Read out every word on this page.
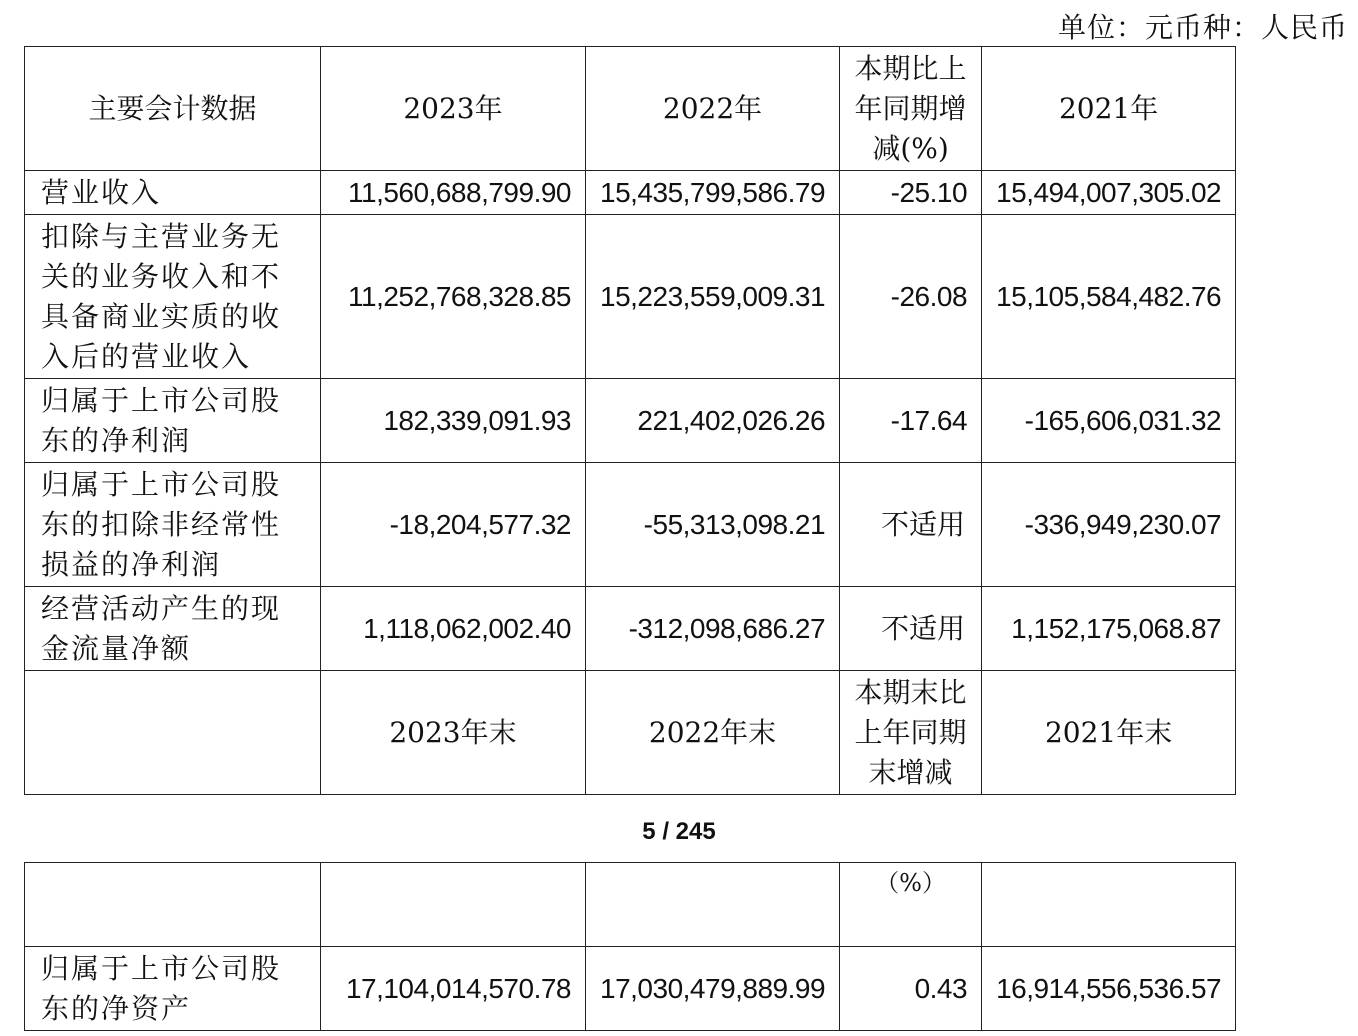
单位：元币种：人民币
主要会计数据	2023年	2022年	本期比上年同期增减(%)	2021年
营业收入	11,560,688,799.90	15,435,799,586.79	-25.10	15,494,007,305.02
扣除与主营业务无关的业务收入和不具备商业实质的收入后的营业收入	11,252,768,328.85	15,223,559,009.31	-26.08	15,105,584,482.76
归属于上市公司股东的净利润	182,339,091.93	221,402,026.26	-17.64	-165,606,031.32
归属于上市公司股东的扣除非经常性损益的净利润	-18,204,577.32	-55,313,098.21	不适用	-336,949,230.07
经营活动产生的现金流量净额	1,118,062,002.40	-312,098,686.27	不适用	1,152,175,068.87
	2023年末	2022年末	本期末比上年同期末增减	2021年末
5 / 245
			（%）	
归属于上市公司股东的净资产	17,104,014,570.78	17,030,479,889.99	0.43	16,914,556,536.57
